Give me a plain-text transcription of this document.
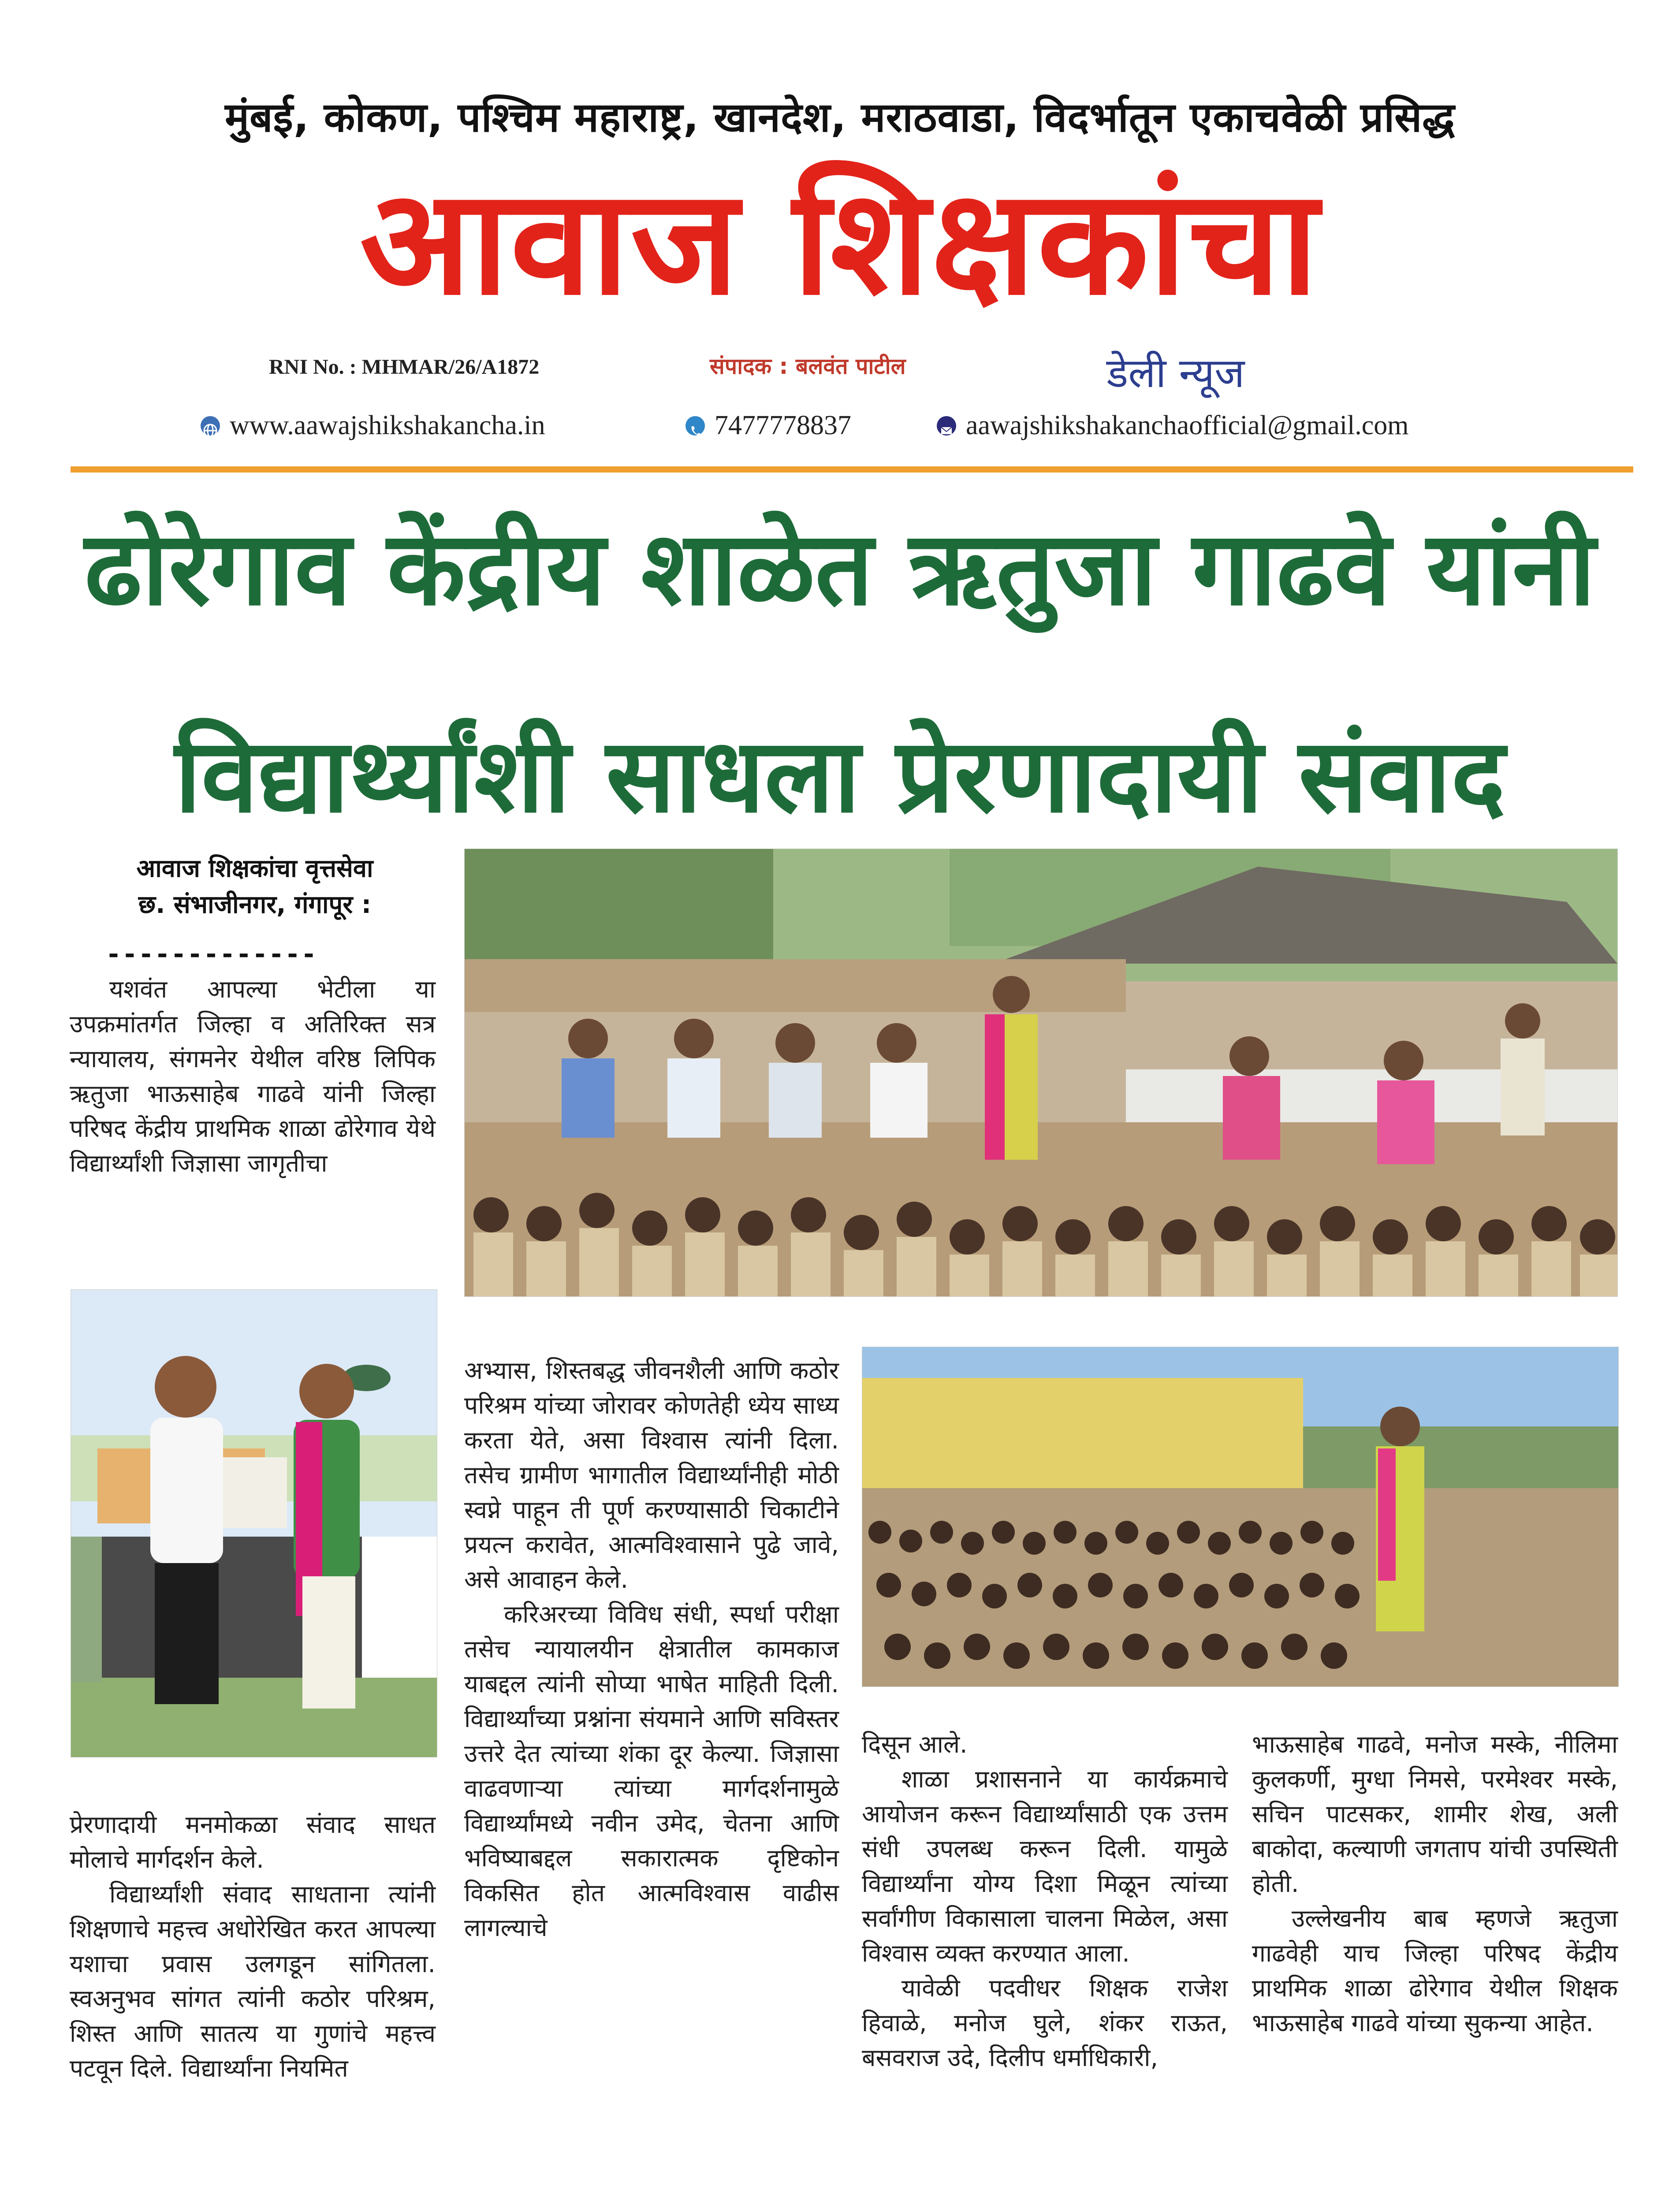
मुंबई, कोकण, पश्चिम महाराष्ट्र, खानदेश, मराठवाडा, विदर्भातून एकाचवेळी प्रसिद्ध
आवाज शिक्षकांचा
RNI No. : MHMAR/26/A1872	संपादक : बलवंत पाटील	डेली न्यूज
www.aawajshikshakancha.in	7477778837	aawajshikshakanchaofficial@gmail.com
ढोरेगाव केंद्रीय शाळेत ऋतुजा गाढवे यांनी
विद्यार्थ्यांशी साधला प्रेरणादायी संवाद
आवाज शिक्षकांचा वृत्तसेवा
छ. संभाजीनगर, गंगापूर :
-------------

यशवंत आपल्या भेटीला या उपक्रमांतर्गत जिल्हा व अतिरिक्त सत्र न्यायालय, संगमनेर येथील वरिष्ठ लिपिक ऋतुजा भाऊसाहेब गाढवे यांनी जिल्हा परिषद केंद्रीय प्राथमिक शाळा ढोरेगाव येथे विद्यार्थ्यांशी जिज्ञासा जागृतीचा

प्रेरणादायी मनमोकळा संवाद साधत मोलाचे मार्गदर्शन केले.

विद्यार्थ्यांशी संवाद साधताना त्यांनी शिक्षणाचे महत्त्व अधोरेखित करत आपल्या यशाचा प्रवास उलगडून सांगितला. स्वअनुभव सांगत त्यांनी कठोर परिश्रम, शिस्त आणि सातत्य या गुणांचे महत्त्व पटवून दिले. विद्यार्थ्यांना नियमित

अभ्यास, शिस्तबद्ध जीवनशैली आणि कठोर परिश्रम यांच्या जोरावर कोणतेही ध्येय साध्य करता येते, असा विश्वास त्यांनी दिला. तसेच ग्रामीण भागातील विद्यार्थ्यांनीही मोठी स्वप्ने पाहून ती पूर्ण करण्यासाठी चिकाटीने प्रयत्न करावेत, आत्मविश्वासाने पुढे जावे, असे आवाहन केले.

करिअरच्या विविध संधी, स्पर्धा परीक्षा तसेच न्यायालयीन क्षेत्रातील कामकाज याबद्दल त्यांनी सोप्या भाषेत माहिती दिली. विद्यार्थ्यांच्या प्रश्नांना संयमाने आणि सविस्तर उत्तरे देत त्यांच्या शंका दूर केल्या. जिज्ञासा वाढवणाऱ्या त्यांच्या मार्गदर्शनामुळे विद्यार्थ्यांमध्ये नवीन उमेद, चेतना आणि भविष्याबद्दल सकारात्मक दृष्टिकोन विकसित होत आत्मविश्वास वाढीस लागल्याचे

दिसून आले.

शाळा प्रशासनाने या कार्यक्रमाचे आयोजन करून विद्यार्थ्यांसाठी एक उत्तम संधी उपलब्ध करून दिली. यामुळे विद्यार्थ्यांना योग्य दिशा मिळून त्यांच्या सर्वांगीण विकासाला चालना मिळेल, असा विश्वास व्यक्त करण्यात आला.

यावेळी पदवीधर शिक्षक राजेश हिवाळे, मनोज घुले, शंकर राऊत, बसवराज उदे, दिलीप धर्माधिकारी,

भाऊसाहेब गाढवे, मनोज मस्के, नीलिमा कुलकर्णी, मुग्धा निमसे, परमेश्वर मस्के, सचिन पाटसकर, शामीर शेख, अली बाकोदा, कल्याणी जगताप यांची उपस्थिती होती.

उल्लेखनीय बाब म्हणजे ऋतुजा गाढवेही याच जिल्हा परिषद केंद्रीय प्राथमिक शाळा ढोरेगाव येथील शिक्षक भाऊसाहेब गाढवे यांच्या सुकन्या आहेत.
